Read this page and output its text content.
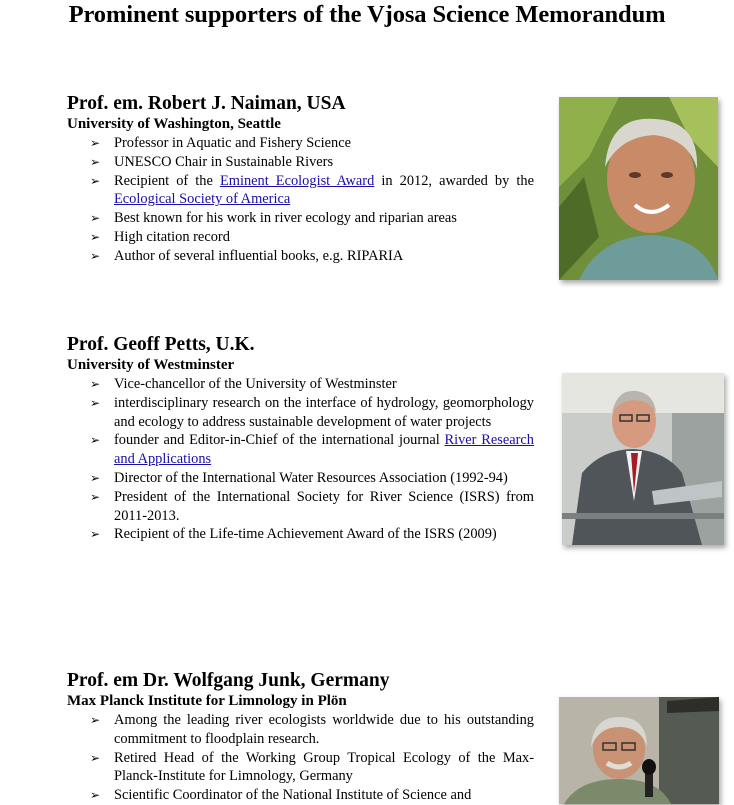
Prominent supporters of the Vjosa Science Memorandum
Prof. em. Robert J. Naiman, USA
University of Washington, Seattle
➢ Professor in Aquatic and Fishery Science
➢ UNESCO Chair in Sustainable Rivers
➢ Recipient of the Eminent Ecologist Award in 2012, awarded by the Ecological Society of America
➢ Best known for his work in river ecology and riparian areas
➢ High citation record
➢ Author of several influential books, e.g. RIPARIA
Prof. Geoff Petts, U.K.
University of Westminster
➢ Vice-chancellor of the University of Westminster
➢ interdisciplinary research on the interface of hydrology, geomorphology and ecology to address sustainable development of water projects
➢ founder and Editor-in-Chief of the international journal River Research and Applications
➢ Director of the International Water Resources Association (1992-94)
➢ President of the International Society for River Science (ISRS) from 2011-2013.
➢ Recipient of the Life-time Achievement Award of the ISRS (2009)
Prof. em Dr. Wolfgang Junk, Germany
Max Planck Institute for Limnology in Plön
➢ Among the leading river ecologists worldwide due to his outstanding commitment to floodplain research.
➢ Retired Head of the Working Group Tropical Ecology of the Max-Planck-Institute for Limnology, Germany
➢ Scientific Coordinator of the National Institute of Science and
